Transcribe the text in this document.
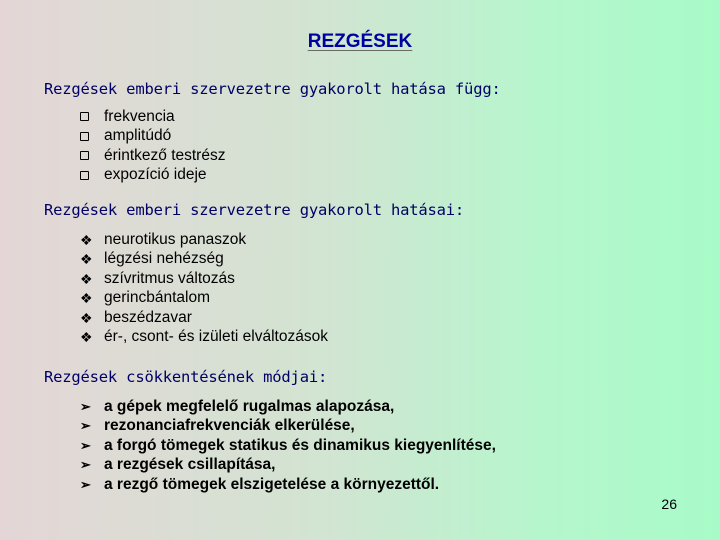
REZGÉSEK
Rezgések emberi szervezetre gyakorolt hatása függ:
frekvencia
amplitúdó
érintkező testrész
expozíció ideje
Rezgések emberi szervezetre gyakorolt hatásai:
❖ neurotikus panaszok
❖ légzési nehézség
❖ szívritmus változás
❖ gerincbántalom
❖ beszédzavar
❖ ér-, csont- és izületi elváltozások
Rezgések csökkentésének módjai:
➢ a gépek megfelelő rugalmas alapozása,
➢ rezonanciafrekvenciák elkerülése,
➢ a forgó tömegek statikus és dinamikus kiegyenlítése,
➢ a rezgések csillapítása,
➢ a rezgő tömegek elszigetelése a környezettől.
26
